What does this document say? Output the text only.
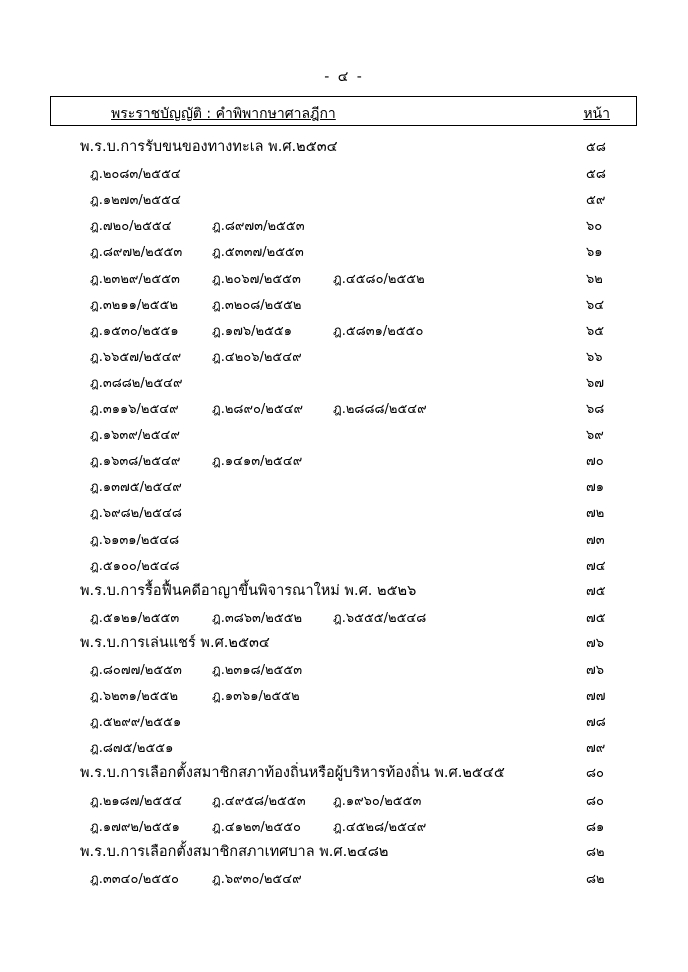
- ๔ -
พระราชบัญญัติ : คำพิพากษาศาลฎีกา	หน้า
พ.ร.บ.การรับขนของทางทะเล พ.ศ.๒๕๓๔	๕๘
ฎ.๒๐๘๓/๒๕๕๔	๕๘
ฎ.๑๒๗๓/๒๕๕๔	๕๙
ฎ.๗๒๐/๒๕๕๔	ฎ.๘๙๗๓/๒๕๕๓	๖๐
ฎ.๘๙๗๒/๒๕๕๓ ฎ.๕๓๓๗/๒๕๕๓	๖๑
ฎ.๒๓๒๙/๒๕๕๓ ฎ.๒๐๖๗/๒๕๕๓ ฎ.๔๕๘๐/๒๕๕๒	๖๒
ฎ.๓๒๑๑/๒๕๕๒	ฎ.๓๒๐๘/๒๕๕๒	๖๔
ฎ.๑๕๓๐/๒๕๕๑	ฎ.๑๗๖/๒๕๕๑	ฎ.๕๘๓๑/๒๕๕๐	๖๕
ฎ.๖๖๕๗/๒๕๔๙ ฎ.๔๒๐๖/๒๕๔๙	๖๖
ฎ.๓๘๘๒/๒๕๔๙	๖๗
ฎ.๓๑๑๖/๒๕๔๙	ฎ.๒๘๙๐/๒๕๔๙ ฎ.๒๘๘๘/๒๕๔๙	๖๘
ฎ.๑๖๓๙/๒๕๔๙	๖๙
ฎ.๑๖๓๘/๒๕๔๙ ฎ.๑๔๑๓/๒๕๔๙	๗๐
ฎ.๑๓๗๕/๒๕๔๙	๗๑
ฎ.๖๙๘๒/๒๕๔๘	๗๒
ฎ.๖๑๓๑/๒๕๔๘	๗๓
ฎ.๕๑๐๐/๒๕๔๘	๗๔
พ.ร.บ.การรื้อฟื้นคดีอาญาขึ้นพิจารณาใหม่ พ.ศ. ๒๕๒๖	๗๕
ฎ.๕๑๒๑/๒๕๕๓	ฎ.๓๘๖๓/๒๕๕๒ ฎ.๖๕๕๕/๒๕๔๘	๗๕
พ.ร.บ.การเล่นแชร์ พ.ศ.๒๕๓๔	๗๖
ฎ.๘๐๗๗/๒๕๕๓ ฎ.๒๓๑๘/๒๕๕๓	๗๖
ฎ.๖๒๓๑/๒๕๕๒	ฎ.๑๓๖๑/๒๕๕๒	๗๗
ฎ.๕๒๙๙/๒๕๕๑	๗๘
ฎ.๘๗๕/๒๕๕๑	๗๙
พ.ร.บ.การเลือกตั้งสมาชิกสภาท้องถิ่นหรือผู้บริหารท้องถิ่น พ.ศ.๒๕๔๕	๘๐
ฎ.๒๑๘๗/๒๕๕๔ ฎ.๔๙๕๘/๒๕๕๓ ฎ.๑๙๖๐/๒๕๕๓	๘๐
ฎ.๑๗๙๒/๒๕๕๑ ฎ.๔๑๒๓/๒๕๕๐ ฎ.๔๕๒๘/๒๕๔๙	๘๑
พ.ร.บ.การเลือกตั้งสมาชิกสภาเทศบาล พ.ศ.๒๔๘๒	๘๒
ฎ.๓๓๔๐/๒๕๕๐	ฎ.๖๙๓๐/๒๕๔๙	๘๒
